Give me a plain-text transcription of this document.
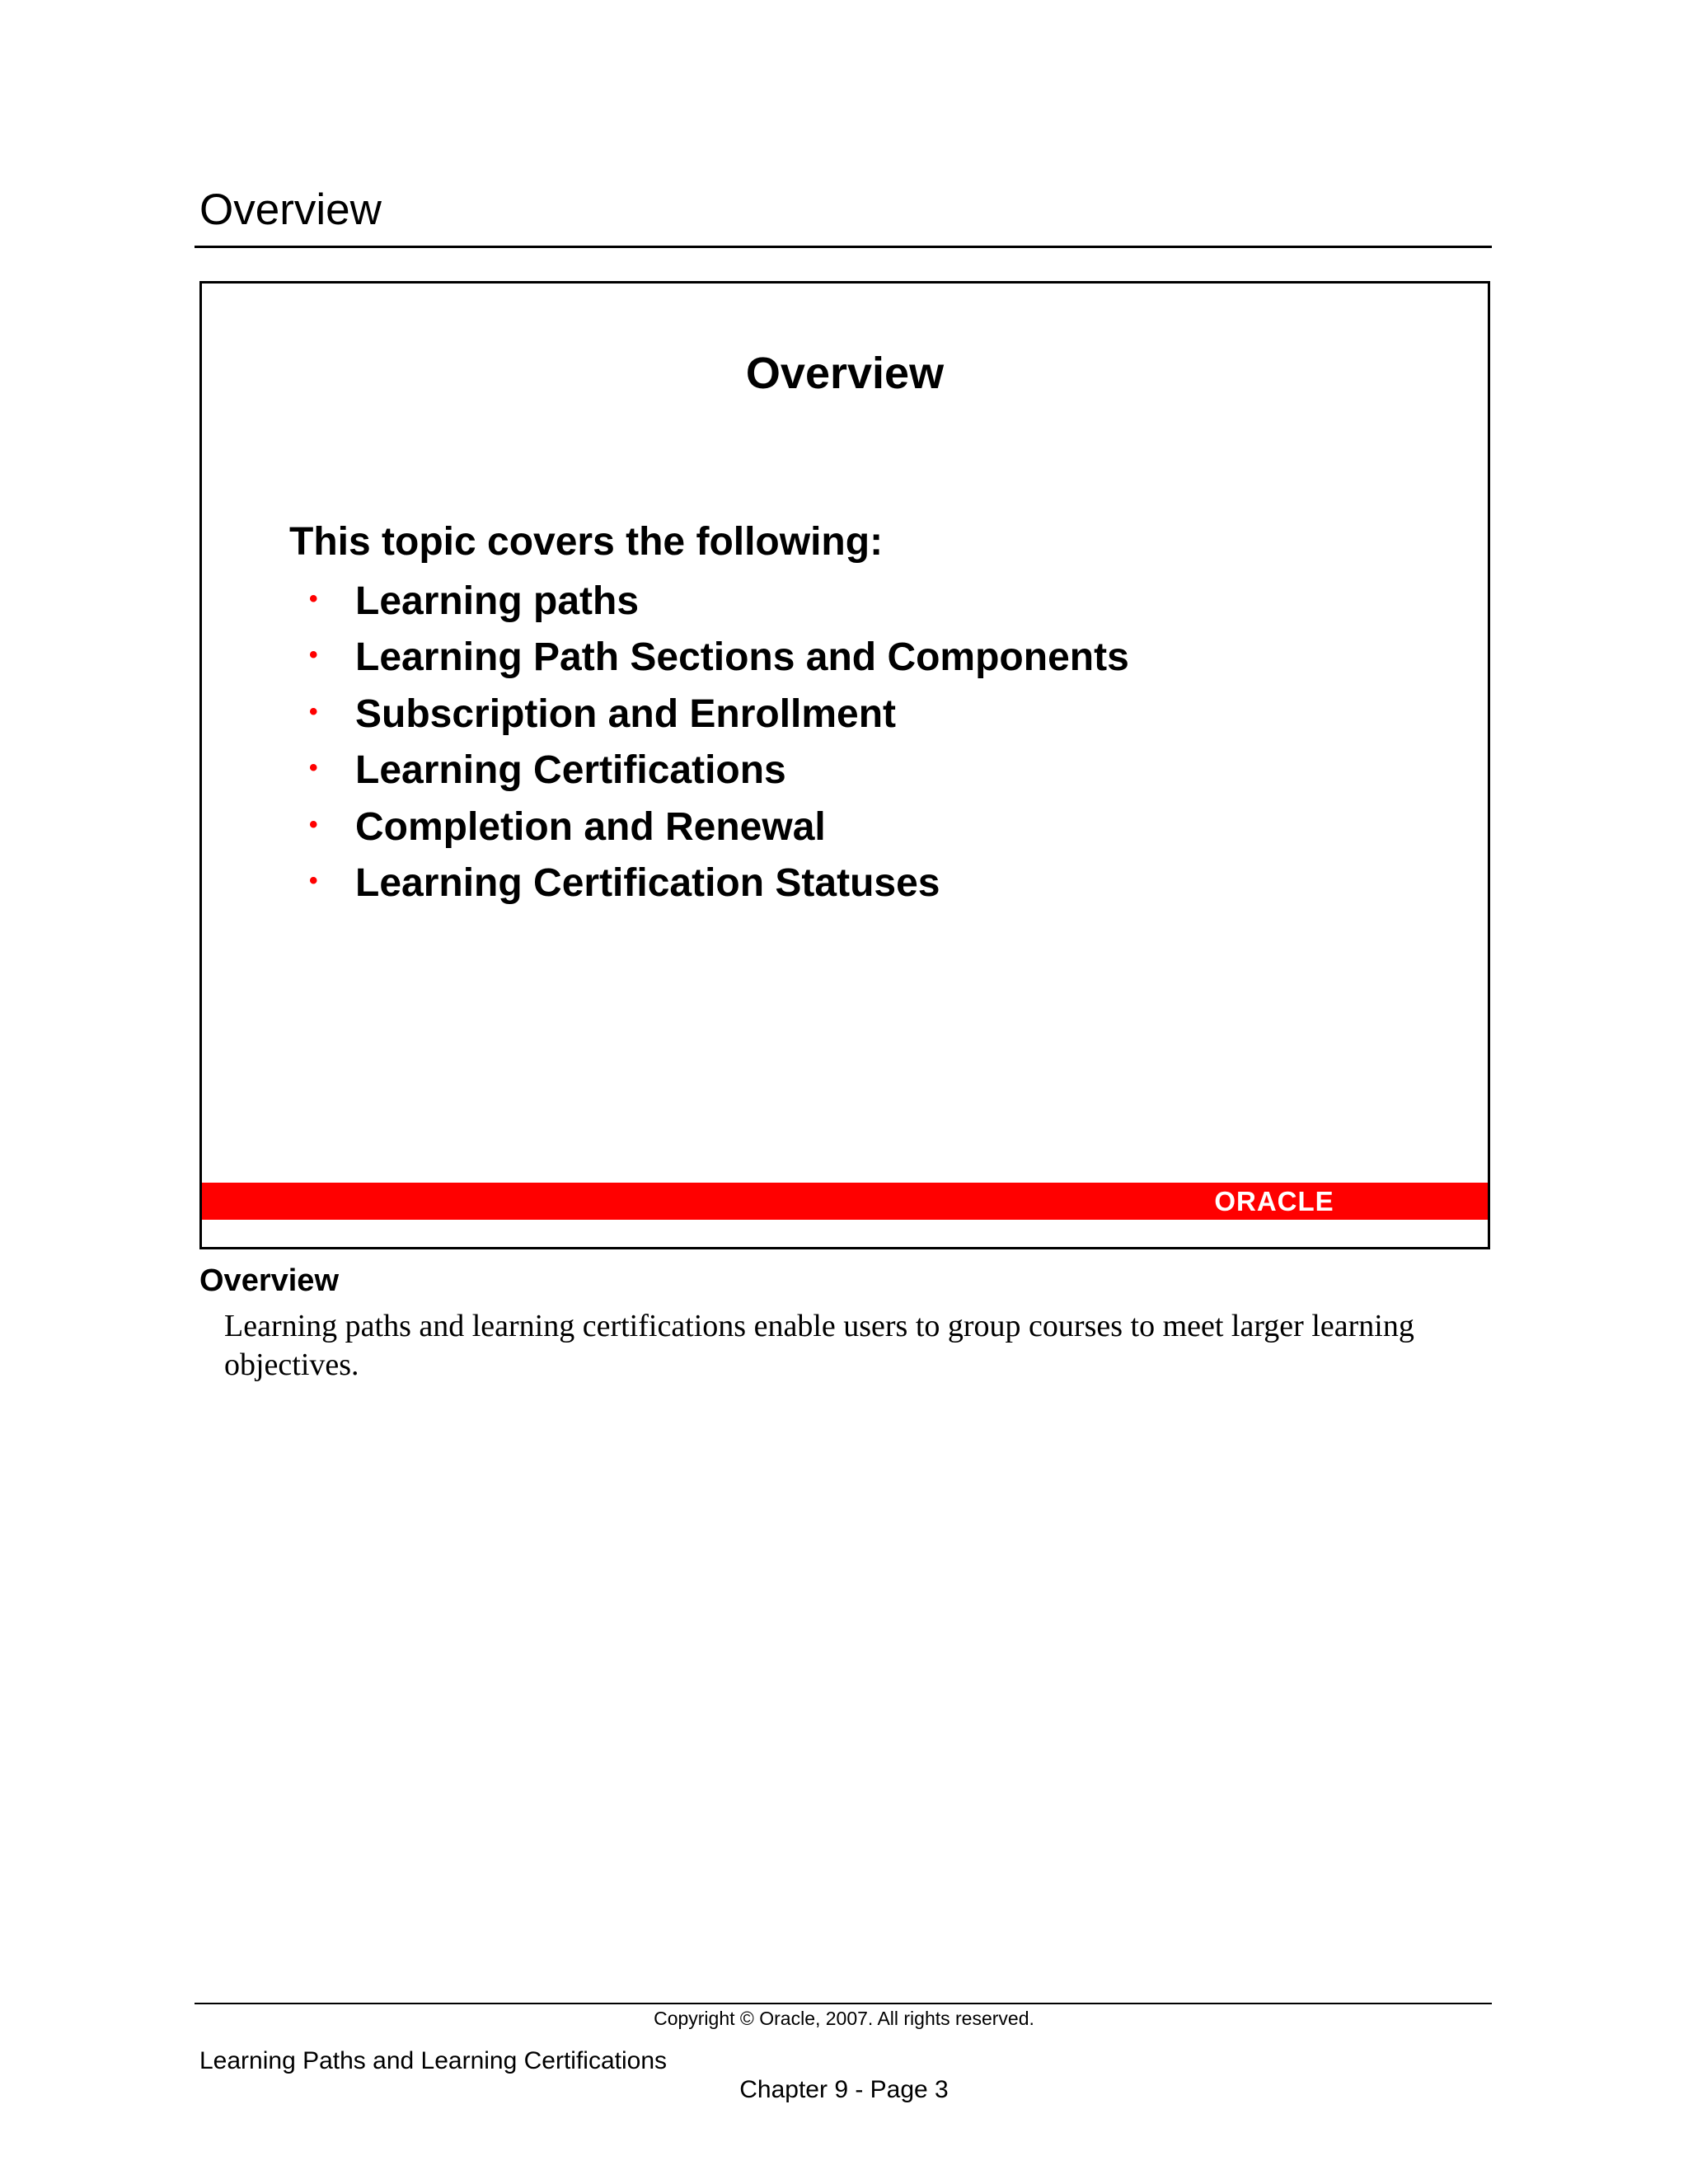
Overview
Overview
This topic covers the following:
• Learning paths
• Learning Path Sections and Components
• Subscription and Enrollment
• Learning Certifications
• Completion and Renewal
• Learning Certification Statuses
ORACLE
Overview

Learning paths and learning certifications enable users to group courses to meet larger learning objectives.

Copyright © Oracle, 2007. All rights reserved.
Learning Paths and Learning Certifications
Chapter 9 - Page 3
